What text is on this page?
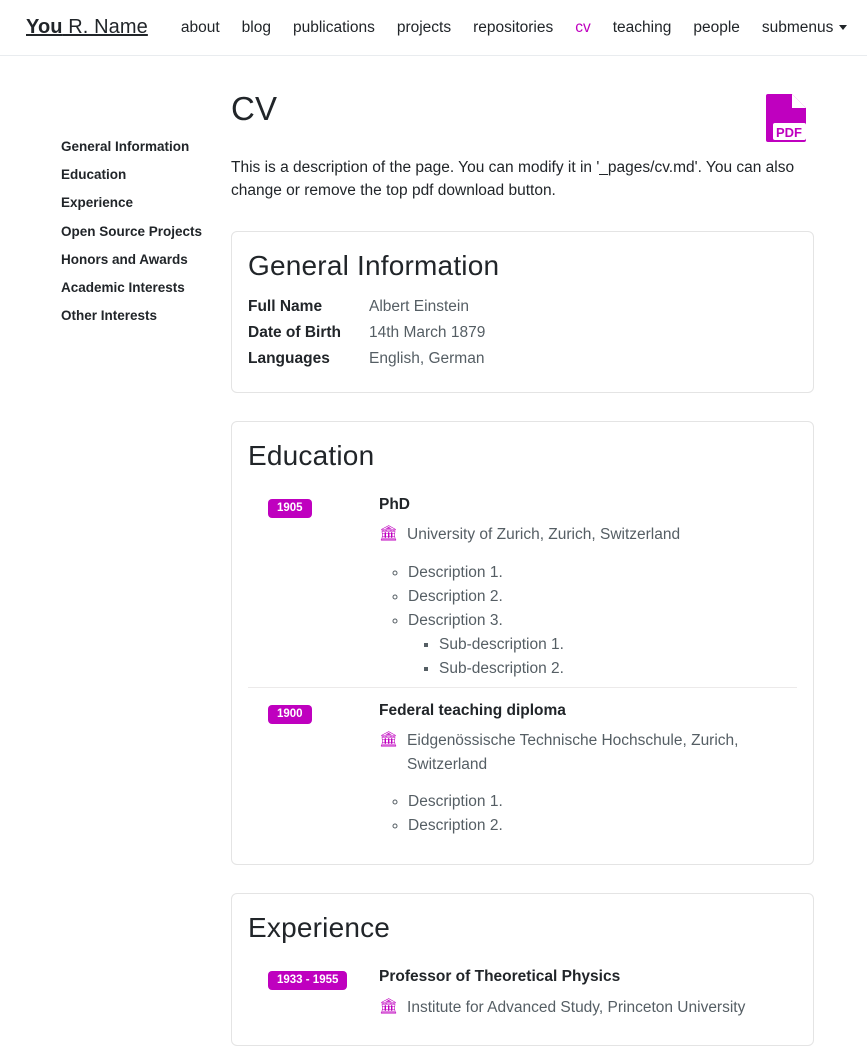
You R. Name	about	blog	publications	projects	repositories	cv	teaching	people	submenus
General Information
Education
Experience
Open Source Projects
Honors and Awards
Academic Interests
Other Interests
CV
PDF

This is a description of the page. You can modify it in '_pages/cv.md'. You can also change or remove the top pdf download button.

General Information
Full Name	Albert Einstein
Date of Birth	14th March 1879
Languages	English, German
Education
1905	PhD

🏛 University of Zurich, Zurich, Switzerland

◦ Description 1.
◦ Description 2.
◦ Description 3.
▪ Sub-description 1.
▪ Sub-description 2.
1900	Federal teaching diploma

🏛 Eidgenössische Technische Hochschule, Zurich, Switzerland

◦ Description 1.
◦ Description 2.
Experience
1933 - 1955	Professor of Theoretical Physics

🏛 Institute for Advanced Study, Princeton University
